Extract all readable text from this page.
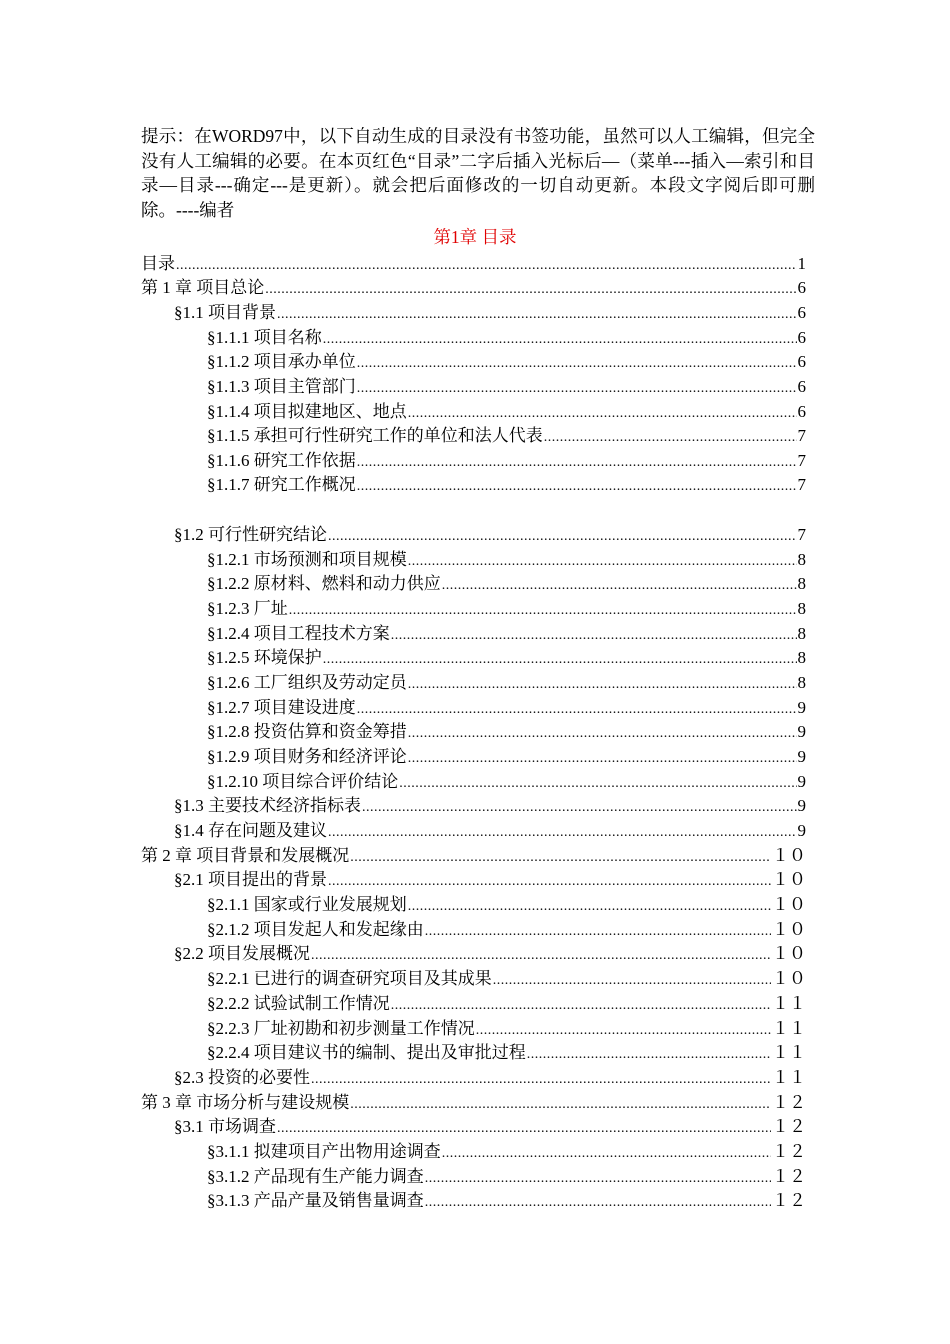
提示：在WORD97中，以下自动生成的目录没有书签功能，虽然可以人工编辑，但完全没有人工编辑的必要。在本页红色“目录”二字后插入光标后—（菜单---插入—索引和目录—目录---确定---是更新）。就会把后面修改的一切自动更新。本段文字阅后即可删除。----编者
第1章 目录
目录 .....	1
第 1 章 项目总论 .....	6
§1.1 项目背景 .....	6
§1.1.1 项目名称 .....	6
§1.1.2 项目承办单位 .....	6
§1.1.3 项目主管部门 .....	6
§1.1.4 项目拟建地区、地点 .....	6
§1.1.5 承担可行性研究工作的单位和法人代表 .....	7
§1.1.6 研究工作依据 .....	7
§1.1.7 研究工作概况 .....	7
§1.2 可行性研究结论 .....	7
§1.2.1 市场预测和项目规模 .....	8
§1.2.2 原材料、燃料和动力供应 .....	8
§1.2.3 厂址 .....	8
§1.2.4 项目工程技术方案 .....	8
§1.2.5 环境保护 .....	8
§1.2.6 工厂组织及劳动定员 .....	8
§1.2.7 项目建设进度 .....	9
§1.2.8 投资估算和资金筹措 .....	9
§1.2.9 项目财务和经济评论 .....	9
§1.2.10 项目综合评价结论 .....	9
§1.3 主要技术经济指标表 .....	9
§1.4 存在问题及建议 .....	9
第 2 章 项目背景和发展概况 .....	１０
§2.1 项目提出的背景 .....	１０
§2.1.1 国家或行业发展规划 .....	１０
§2.1.2 项目发起人和发起缘由 .....	１０
§2.2 项目发展概况 .....	１０
§2.2.1 已进行的调查研究项目及其成果 .....	１０
§2.2.2 试验试制工作情况 .....	１１
§2.2.3 厂址初勘和初步测量工作情况 .....	１１
§2.2.4 项目建议书的编制、提出及审批过程 .....	１１
§2.3 投资的必要性 .....	１１
第 3 章 市场分析与建设规模 .....	１２
§3.1 市场调查 .....	１２
§3.1.1 拟建项目产出物用途调查 .....	１２
§3.1.2 产品现有生产能力调查 .....	１２
§3.1.3 产品产量及销售量调查 .....	１２
